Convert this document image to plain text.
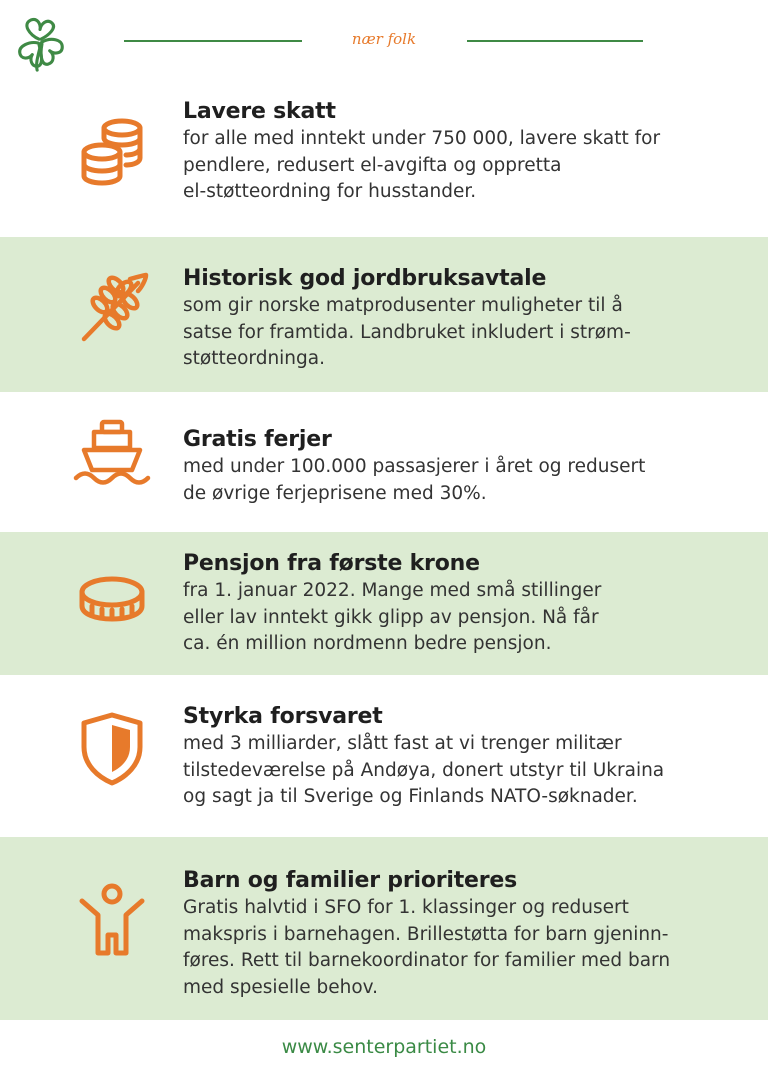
nær folk

Lavere skatt

for alle med inntekt under 750 000, lavere skatt for
pendlere, redusert el-avgifta og oppretta
el-støtteordning for husstander.

Historisk god jordbruksavtale

som gir norske matprodusenter muligheter til å
satse for framtida. Landbruket inkludert i strøm-
støtteordninga.

Gratis ferjer

med under 100.000 passasjerer i året og redusert
de øvrige ferjeprisene med 30%.

Pensjon fra første krone

fra 1. januar 2022. Mange med små stillinger
eller lav inntekt gikk glipp av pensjon. Nå får
ca. én million nordmenn bedre pensjon.

Styrka forsvaret

med 3 milliarder, slått fast at vi trenger militær
tilstedeværelse på Andøya, donert utstyr til Ukraina
og sagt ja til Sverige og Finlands NATO-søknader.

Barn og familier prioriteres

Gratis halvtid i SFO for 1. klassinger og redusert
makspris i barnehagen. Brillestøtta for barn gjeninn-
føres. Rett til barnekoordinator for familier med barn
med spesielle behov.

www.senterpartiet.no
